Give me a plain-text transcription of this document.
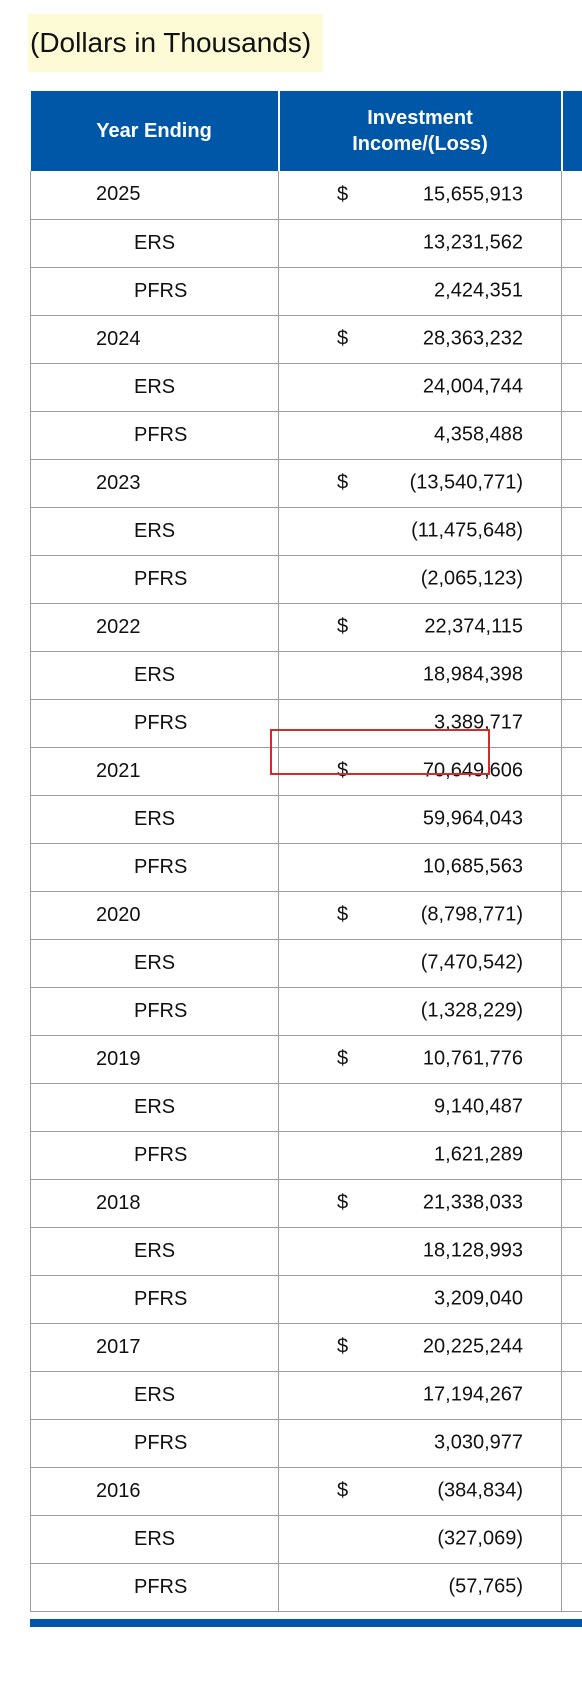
(Dollars in Thousands)
Year Ending	Investment
Income/(Loss)	
2025	$ 15,655,913	

ERS	13,231,562	

PFRS	2,424,351	

2024	$ 28,363,232	

ERS	24,004,744	

PFRS	4,358,488	

2023	$ (13,540,771)	

ERS	(11,475,648)	

PFRS	(2,065,123)	

2022	$ 22,374,115	

ERS	18,984,398	

PFRS	3,389,717	

2021	$ 70,649,606	

ERS	59,964,043	

PFRS	10,685,563	

2020	$ (8,798,771)	

ERS	(7,470,542)	

PFRS	(1,328,229)	

2019	$ 10,761,776	

ERS	9,140,487	

PFRS	1,621,289	

2018	$ 21,338,033	

ERS	18,128,993	

PFRS	3,209,040	

2017	$ 20,225,244	

ERS	17,194,267	

PFRS	3,030,977	

2016	$ (384,834)	

ERS	(327,069)	

PFRS	(57,765)	
